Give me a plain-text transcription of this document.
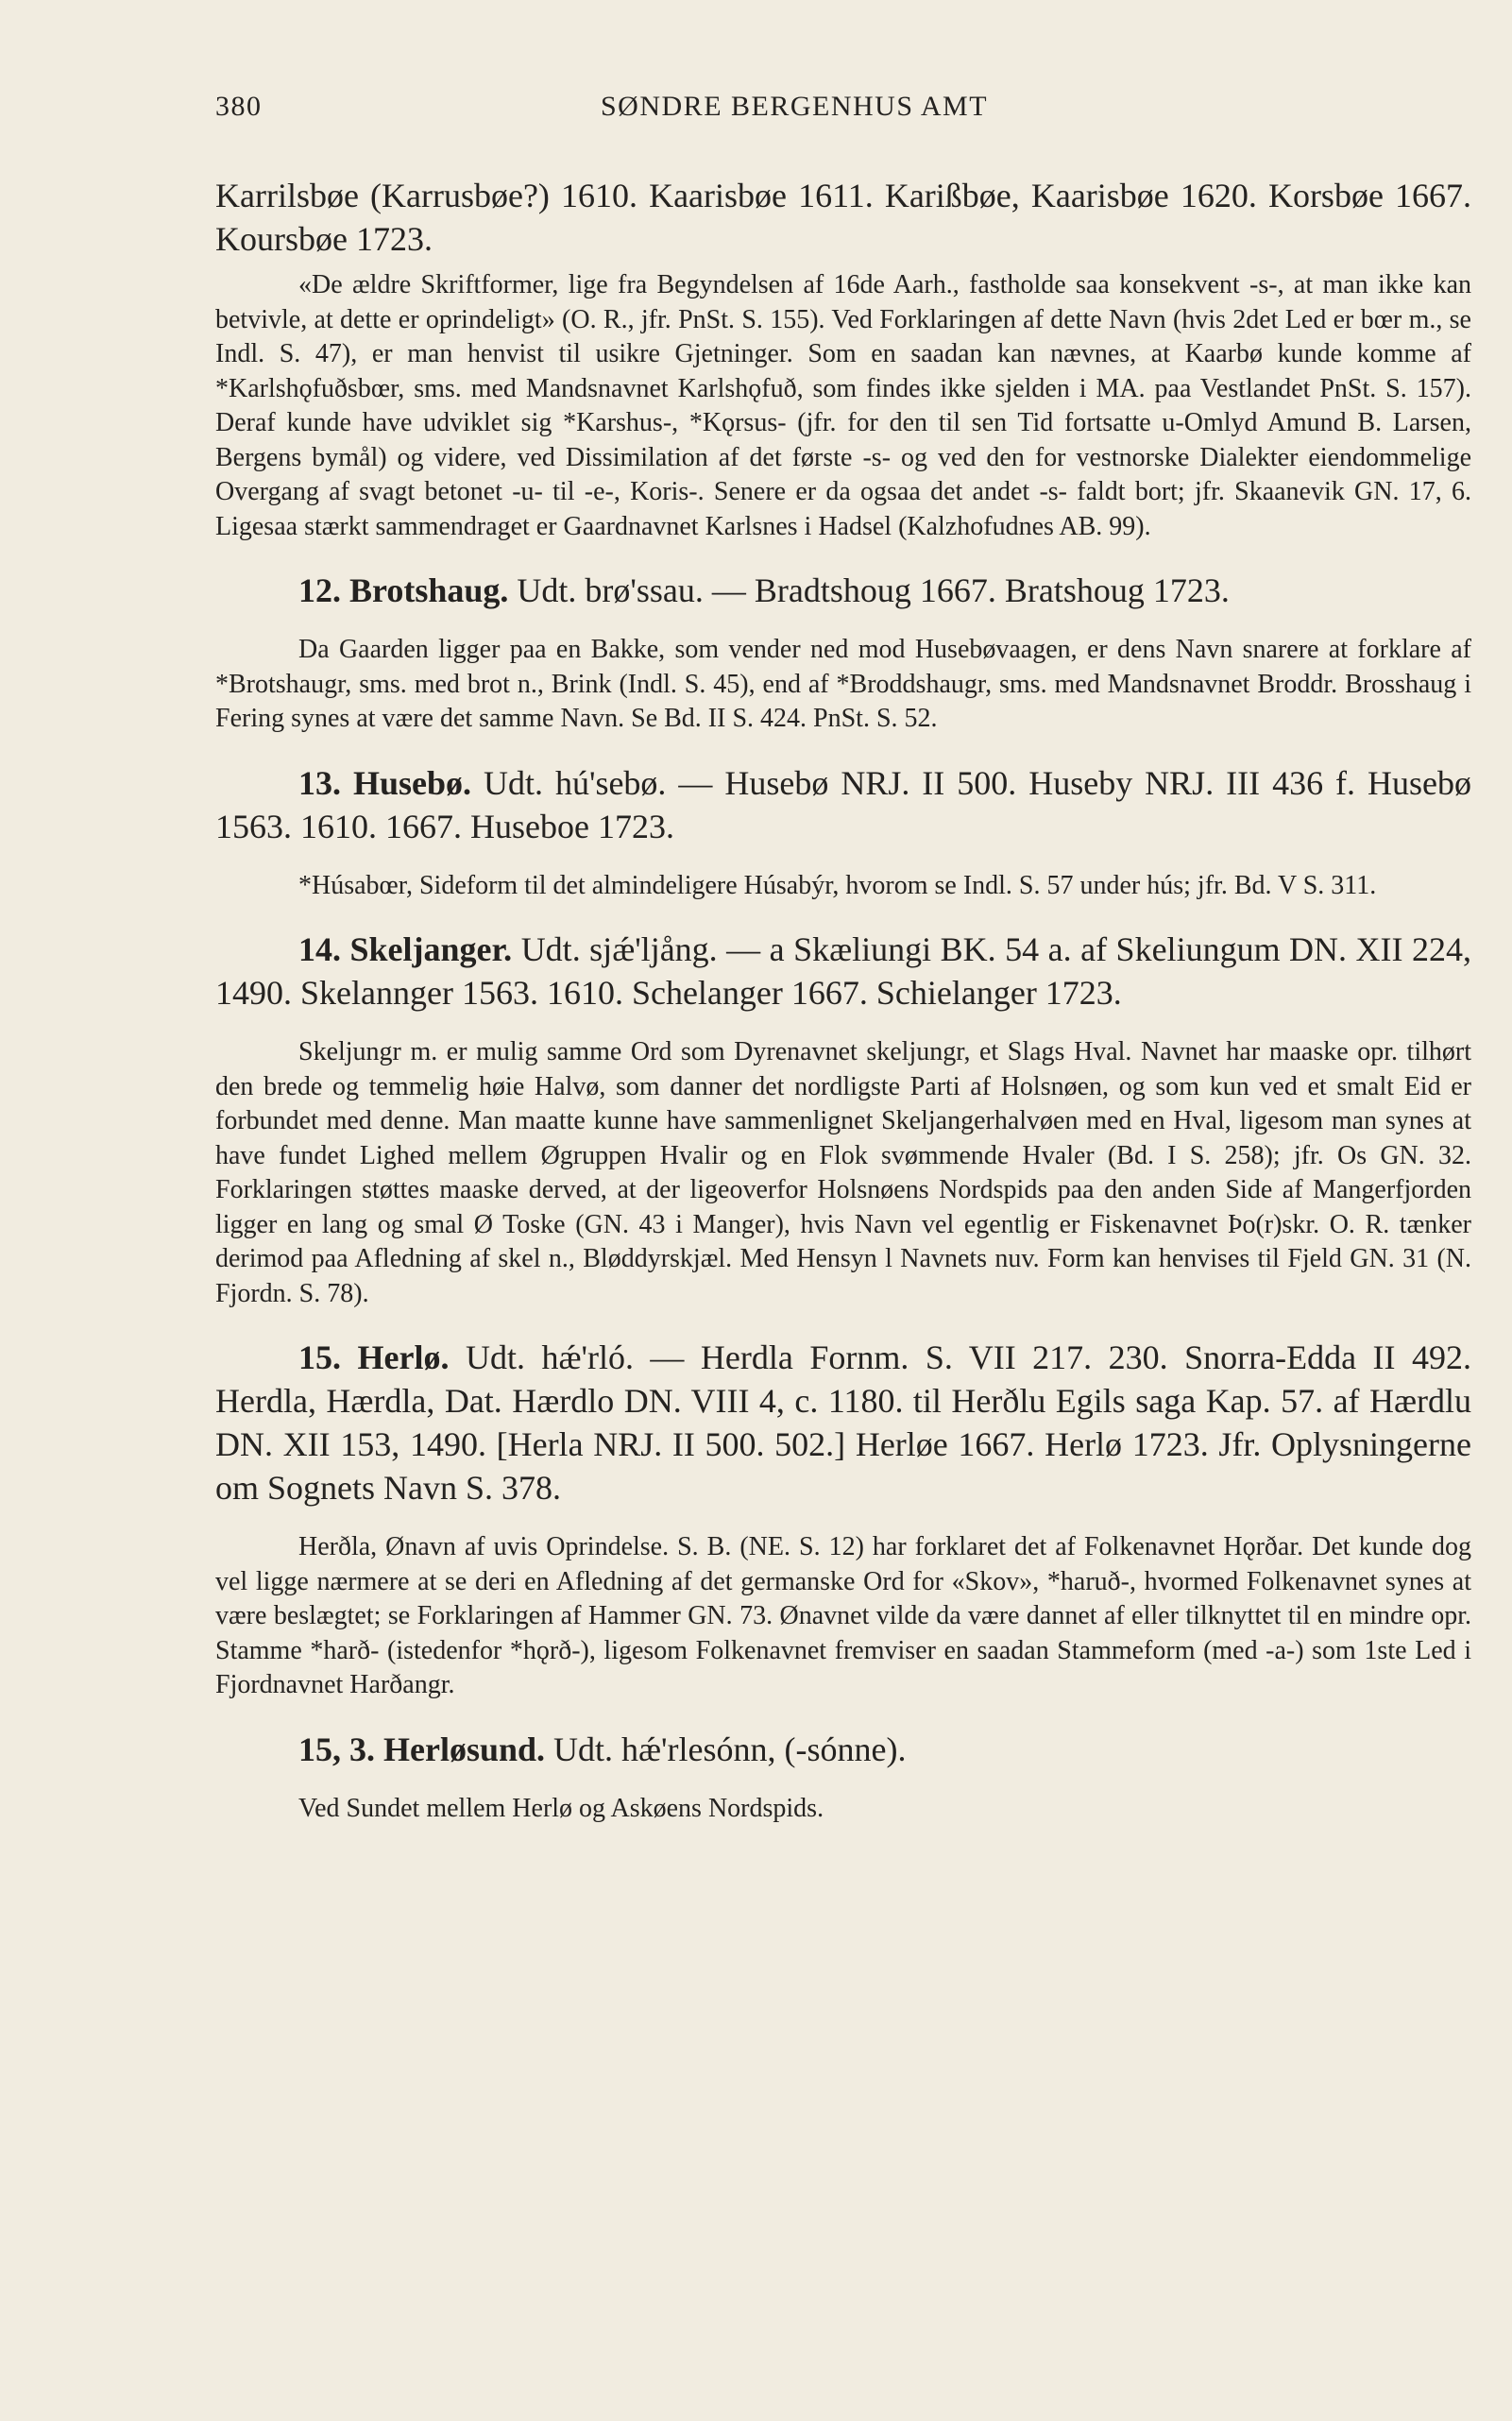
380	SØNDRE BERGENHUS AMT

Karrilsbøe (Karrusbøe?) 1610. Kaarisbøe 1611. Karißbøe, Kaarisbøe 1620. Korsbøe 1667. Koursbøe 1723.

«De ældre Skriftformer, lige fra Begyndelsen af 16de Aarh., fastholde saa konsekvent -s-, at man ikke kan betvivle, at dette er oprindeligt» (O. R., jfr. PnSt. S. 155). Ved Forklaringen af dette Navn (hvis 2det Led er bœr m., se Indl. S. 47), er man henvist til usikre Gjetninger. Som en saadan kan nævnes, at Kaarbø kunde komme af *Karlshǫfuðsbœr, sms. med Mandsnavnet Karlshǫfuð, som findes ikke sjelden i MA. paa Vestlandet PnSt. S. 157). Deraf kunde have udviklet sig *Karshus-, *Kǫrsus- (jfr. for den til sen Tid fortsatte u-Omlyd Amund B. Larsen, Bergens bymål) og videre, ved Dissimilation af det første -s- og ved den for vestnorske Dialekter eiendommelige Overgang af svagt betonet -u- til -e-, Koris-. Senere er da ogsaa det andet -s- faldt bort; jfr. Skaanevik GN. 17, 6. Ligesaa stærkt sammendraget er Gaardnavnet Karlsnes i Hadsel (Kalzhofudnes AB. 99).

12. Brotshaug. Udt. brø'ssau. — Bradtshoug 1667. Bratshoug 1723.

Da Gaarden ligger paa en Bakke, som vender ned mod Husebøvaagen, er dens Navn snarere at forklare af *Brotshaugr, sms. med brot n., Brink (Indl. S. 45), end af *Broddshaugr, sms. med Mandsnavnet Broddr. Brosshaug i Fering synes at være det samme Navn. Se Bd. II S. 424. PnSt. S. 52.

13. Husebø. Udt. hú'sebø. — Husebø NRJ. II 500. Huseby NRJ. III 436 f. Husebø 1563. 1610. 1667. Huseboe 1723.

*Húsabœr, Sideform til det almindeligere Húsabýr, hvorom se Indl. S. 57 under hús; jfr. Bd. V S. 311.

14. Skeljanger. Udt. sjǽ'ljång. — a Skæliungi BK. 54 a. af Skeliungum DN. XII 224, 1490. Skelannger 1563. 1610. Schelanger 1667. Schielanger 1723.

Skeljungr m. er mulig samme Ord som Dyrenavnet skeljungr, et Slags Hval. Navnet har maaske opr. tilhørt den brede og temmelig høie Halvø, som danner det nordligste Parti af Holsnøen, og som kun ved et smalt Eid er forbundet med denne. Man maatte kunne have sammenlignet Skeljangerhalvøen med en Hval, ligesom man synes at have fundet Lighed mellem Øgruppen Hvalir og en Flok svømmende Hvaler (Bd. I S. 258); jfr. Os GN. 32. Forklaringen støttes maaske derved, at der ligeoverfor Holsnøens Nordspids paa den anden Side af Mangerfjorden ligger en lang og smal Ø Toske (GN. 43 i Manger), hvis Navn vel egentlig er Fiskenavnet Þo(r)skr. O. R. tænker derimod paa Afledning af skel n., Bløddyrskjæl. Med Hensyn l Navnets nuv. Form kan henvises til Fjeld GN. 31 (N. Fjordn. S. 78).

15. Herlø. Udt. hǽ'rló. — Herdla Fornm. S. VII 217. 230. Snorra-Edda II 492. Herdla, Hærdla, Dat. Hærdlo DN. VIII 4, c. 1180. til Herðlu Egils saga Kap. 57. af Hærdlu DN. XII 153, 1490. [Herla NRJ. II 500. 502.] Herløe 1667. Herlø 1723. Jfr. Oplysningerne om Sognets Navn S. 378.

Herðla, Ønavn af uvis Oprindelse. S. B. (NE. S. 12) har forklaret det af Folkenavnet Hǫrðar. Det kunde dog vel ligge nærmere at se deri en Afledning af det germanske Ord for «Skov», *haruð-, hvormed Folkenavnet synes at være beslægtet; se Forklaringen af Hammer GN. 73. Ønavnet vilde da være dannet af eller tilknyttet til en mindre opr. Stamme *harð- (istedenfor *hǫrð-), ligesom Folkenavnet fremviser en saadan Stammeform (med -a-) som 1ste Led i Fjordnavnet Harðangr.

15, 3. Herløsund. Udt. hǽ'rlesónn, (-sónne).

Ved Sundet mellem Herlø og Askøens Nordspids.
